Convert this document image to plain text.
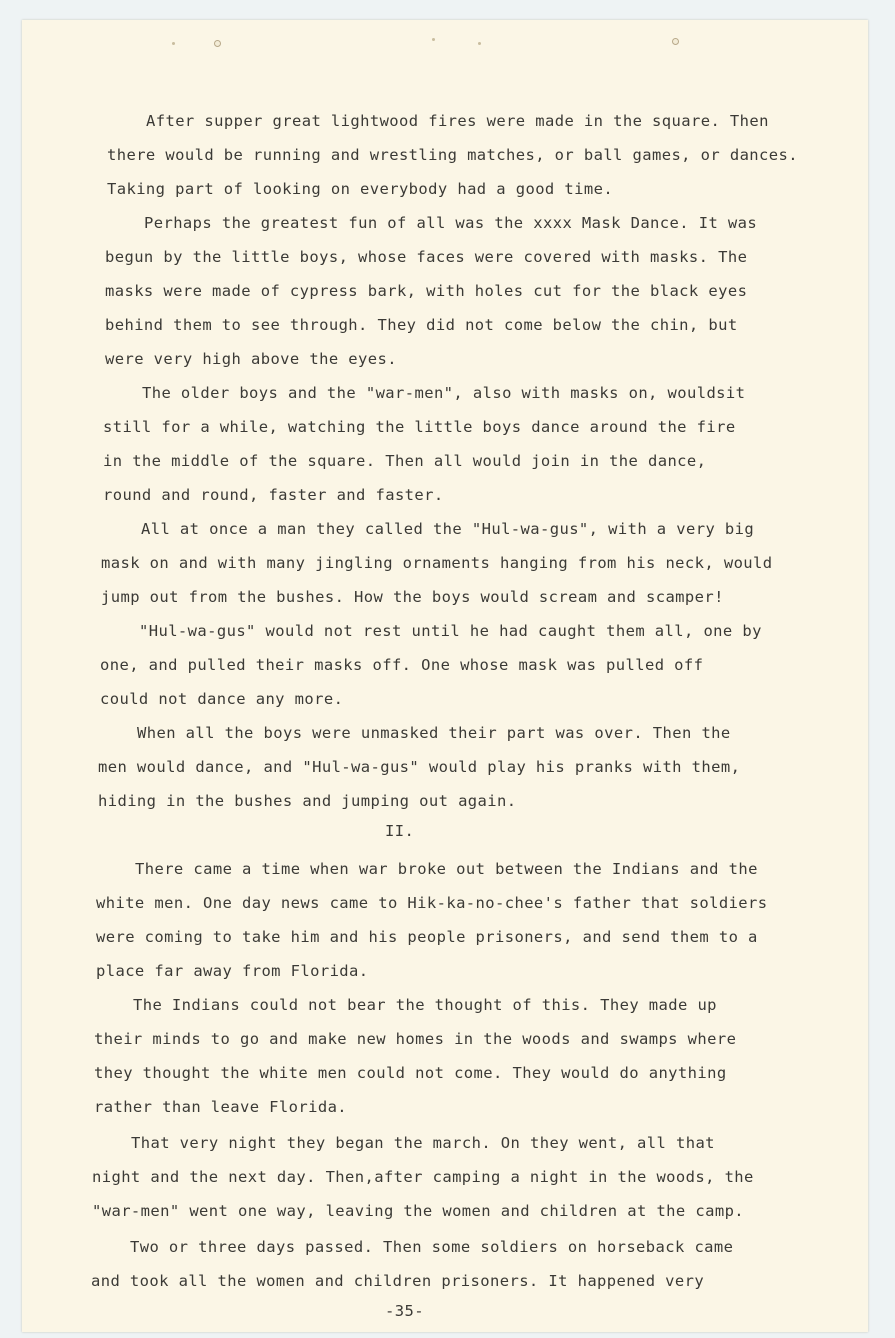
After supper great lightwood fires were made in the square. Then

there would be running and wrestling matches, or ball games, or dances.

Taking part of looking on everybody had a good time.

Perhaps the greatest fun of all was the xxxx Mask Dance. It was

begun by the little boys, whose faces were covered with masks. The

masks were made of cypress bark, with holes cut for the black eyes

behind them to see through. They did not come below the chin, but

were very high above the eyes.

The older boys and the "war-men", also with masks on, wouldsit

still for a while, watching the little boys dance around the fire

in the middle of the square. Then all would join in the dance,

round and round, faster and faster.

All at once a man they called the "Hul-wa-gus", with a very big

mask on and with many jingling ornaments hanging from his neck, would

jump out from the bushes. How the boys would scream and scamper!

"Hul-wa-gus" would not rest until he had caught them all, one by

one, and pulled their masks off. One whose mask was pulled off

could not dance any more.

When all the boys were unmasked their part was over. Then the

men would dance, and "Hul-wa-gus" would play his pranks with them,

hiding in the bushes and jumping out again.

II.

There came a time when war broke out between the Indians and the

white men. One day news came to Hik-ka-no-chee's father that soldiers

were coming to take him and his people prisoners, and send them to a

place far away from Florida.

The Indians could not bear the thought of this. They made up

their minds to go and make new homes in the woods and swamps where

they thought the white men could not come. They would do anything

rather than leave Florida.

That very night they began the march. On they went, all that

night and the next day. Then,after camping a night in the woods, the

"war-men" went one way, leaving the women and children at the camp.

Two or three days passed. Then some soldiers on horseback came

and took all the women and children prisoners. It happened very

-35-
